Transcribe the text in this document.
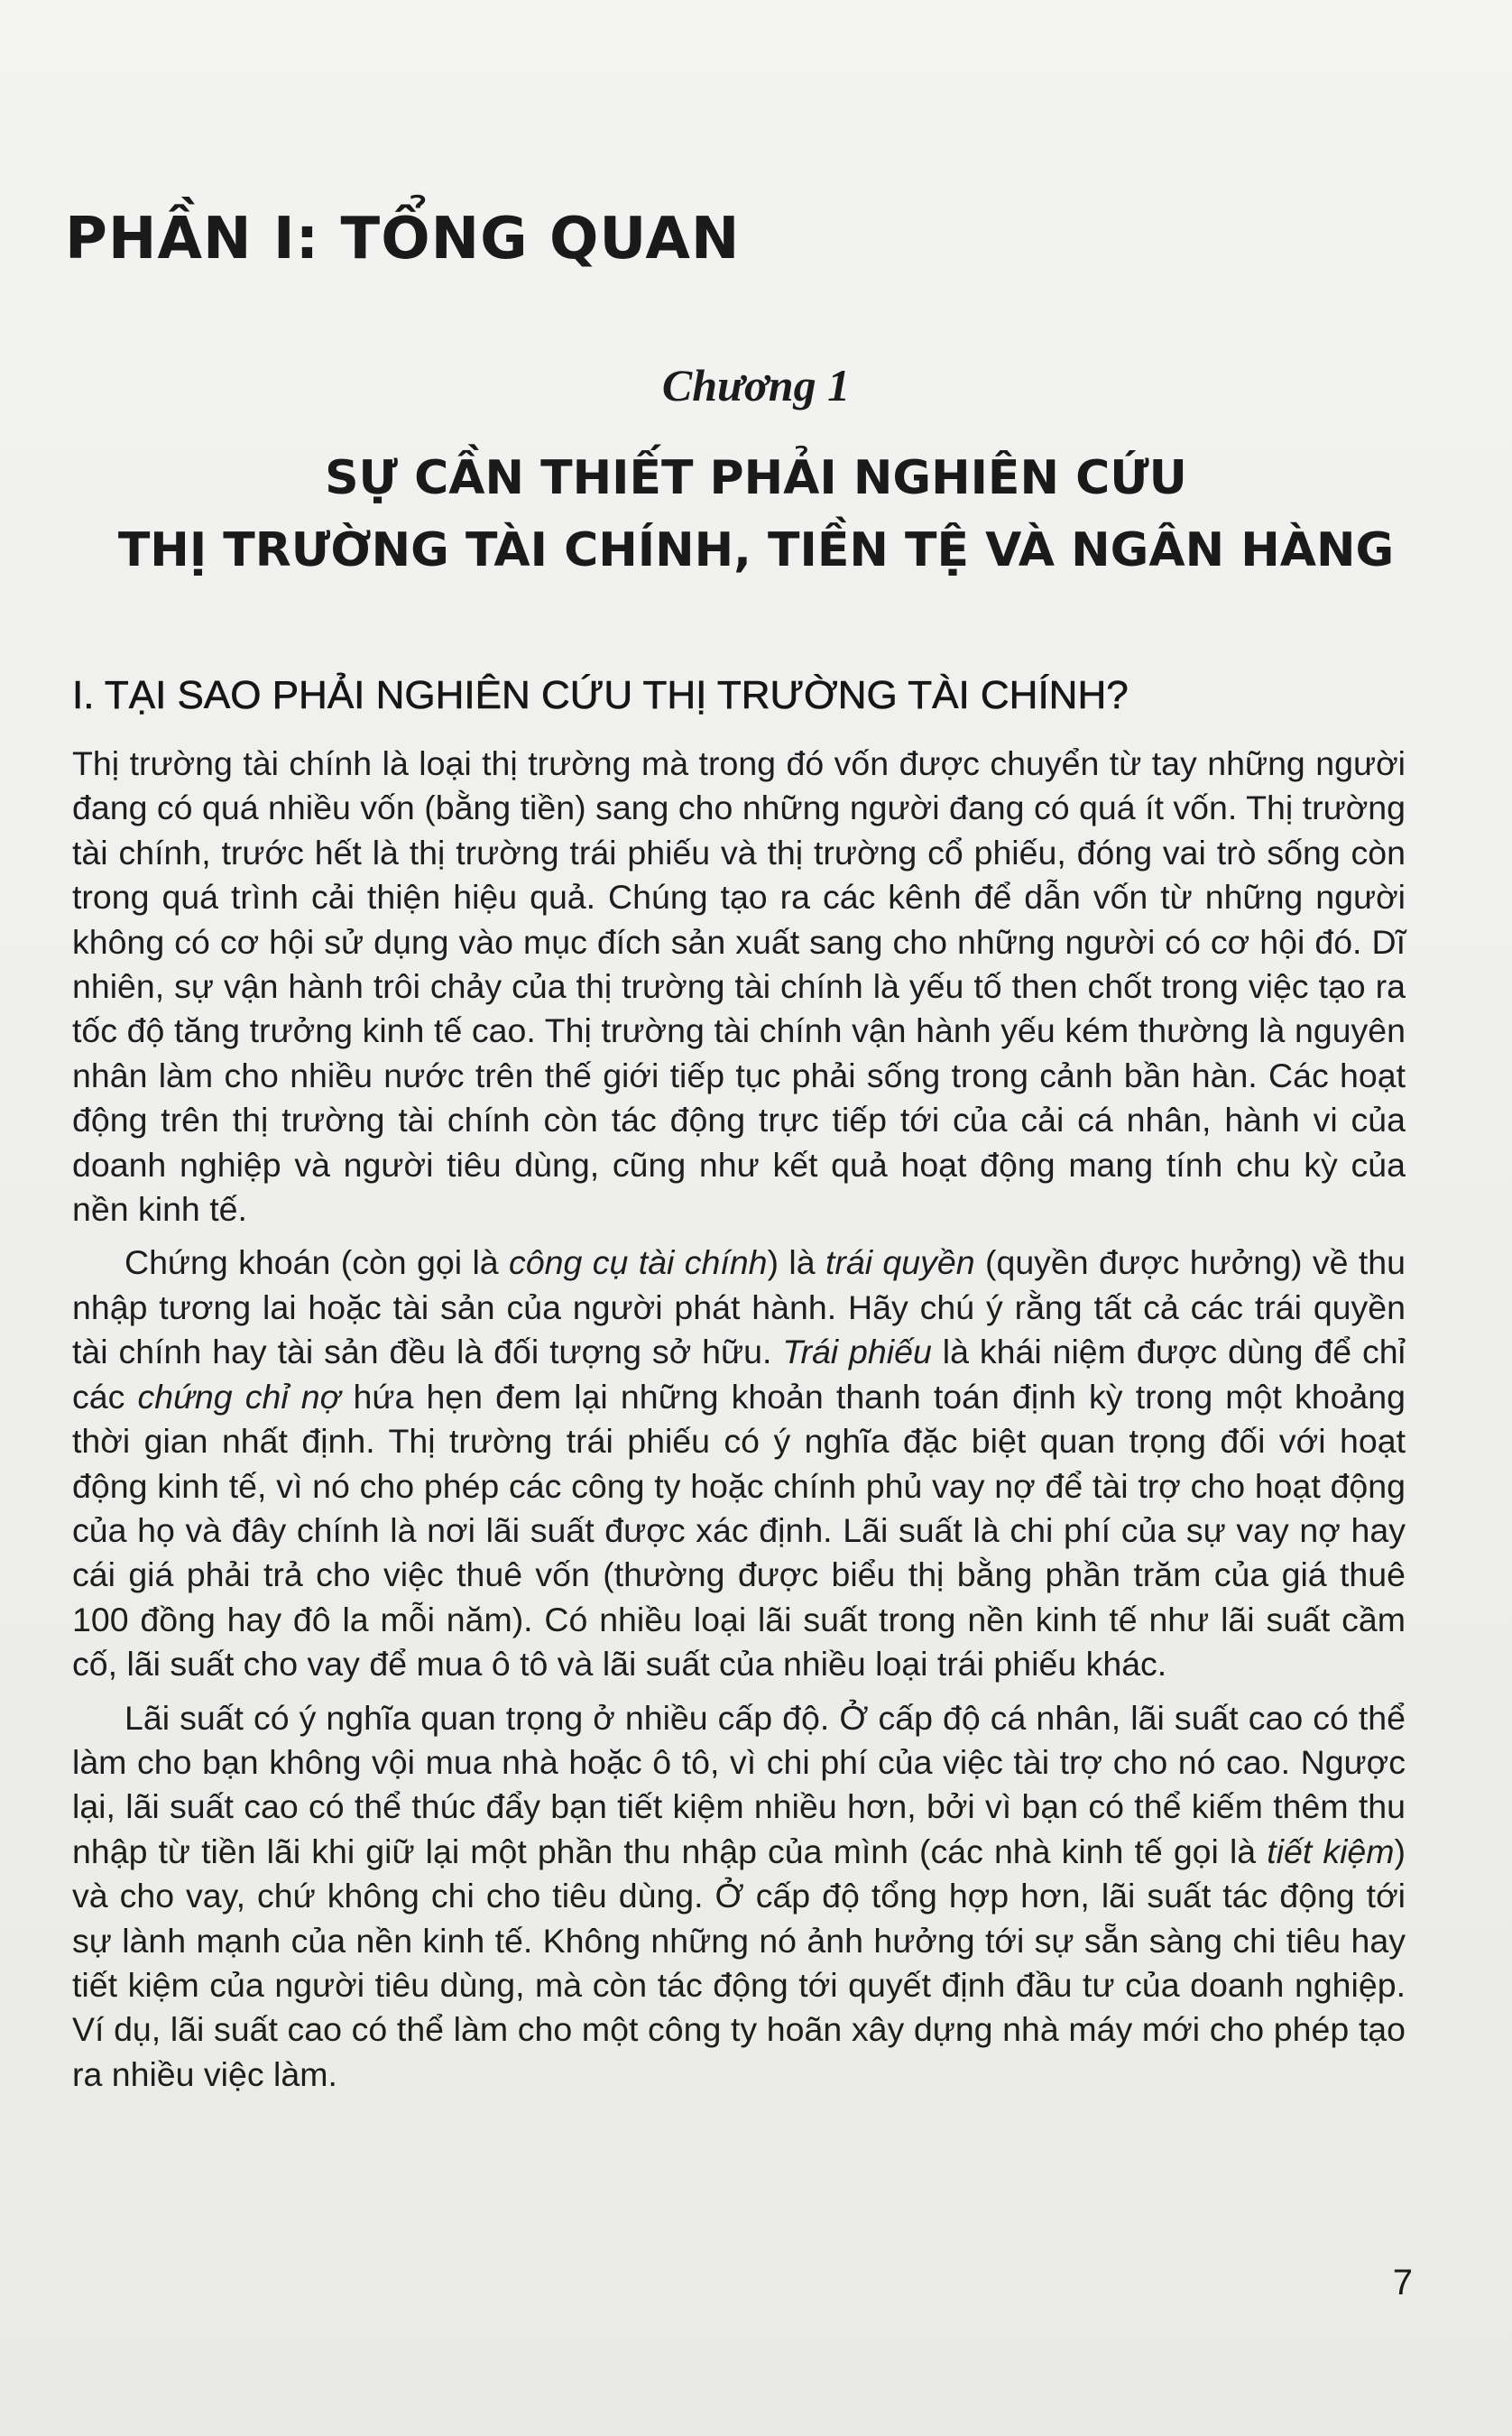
PHẦN I: TỔNG QUAN
Chương 1
SỰ CẦN THIẾT PHẢI NGHIÊN CỨU
THỊ TRƯỜNG TÀI CHÍNH, TIỀN TỆ VÀ NGÂN HÀNG
I. TẠI SAO PHẢI NGHIÊN CỨU THỊ TRƯỜNG TÀI CHÍNH?

Thị trường tài chính là loại thị trường mà trong đó vốn được chuyển từ tay những người đang có quá nhiều vốn (bằng tiền) sang cho những người đang có quá ít vốn. Thị trường tài chính, trước hết là thị trường trái phiếu và thị trường cổ phiếu, đóng vai trò sống còn trong quá trình cải thiện hiệu quả. Chúng tạo ra các kênh để dẫn vốn từ những người không có cơ hội sử dụng vào mục đích sản xuất sang cho những người có cơ hội đó. Dĩ nhiên, sự vận hành trôi chảy của thị trường tài chính là yếu tố then chốt trong việc tạo ra tốc độ tăng trưởng kinh tế cao. Thị trường tài chính vận hành yếu kém thường là nguyên nhân làm cho nhiều nước trên thế giới tiếp tục phải sống trong cảnh bần hàn. Các hoạt động trên thị trường tài chính còn tác động trực tiếp tới của cải cá nhân, hành vi của doanh nghiệp và người tiêu dùng, cũng như kết quả hoạt động mang tính chu kỳ của nền kinh tế.

Chứng khoán (còn gọi là công cụ tài chính) là trái quyền (quyền được hưởng) về thu nhập tương lai hoặc tài sản của người phát hành. Hãy chú ý rằng tất cả các trái quyền tài chính hay tài sản đều là đối tượng sở hữu. Trái phiếu là khái niệm được dùng để chỉ các chứng chỉ nợ hứa hẹn đem lại những khoản thanh toán định kỳ trong một khoảng thời gian nhất định. Thị trường trái phiếu có ý nghĩa đặc biệt quan trọng đối với hoạt động kinh tế, vì nó cho phép các công ty hoặc chính phủ vay nợ để tài trợ cho hoạt động của họ và đây chính là nơi lãi suất được xác định. Lãi suất là chi phí của sự vay nợ hay cái giá phải trả cho việc thuê vốn (thường được biểu thị bằng phần trăm của giá thuê 100 đồng hay đô la mỗi năm). Có nhiều loại lãi suất trong nền kinh tế như lãi suất cầm cố, lãi suất cho vay để mua ô tô và lãi suất của nhiều loại trái phiếu khác.

Lãi suất có ý nghĩa quan trọng ở nhiều cấp độ. Ở cấp độ cá nhân, lãi suất cao có thể làm cho bạn không vội mua nhà hoặc ô tô, vì chi phí của việc tài trợ cho nó cao. Ngược lại, lãi suất cao có thể thúc đẩy bạn tiết kiệm nhiều hơn, bởi vì bạn có thể kiếm thêm thu nhập từ tiền lãi khi giữ lại một phần thu nhập của mình (các nhà kinh tế gọi là tiết kiệm) và cho vay, chứ không chi cho tiêu dùng. Ở cấp độ tổng hợp hơn, lãi suất tác động tới sự lành mạnh của nền kinh tế. Không những nó ảnh hưởng tới sự sẵn sàng chi tiêu hay tiết kiệm của người tiêu dùng, mà còn tác động tới quyết định đầu tư của doanh nghiệp. Ví dụ, lãi suất cao có thể làm cho một công ty hoãn xây dựng nhà máy mới cho phép tạo ra nhiều việc làm.

7
